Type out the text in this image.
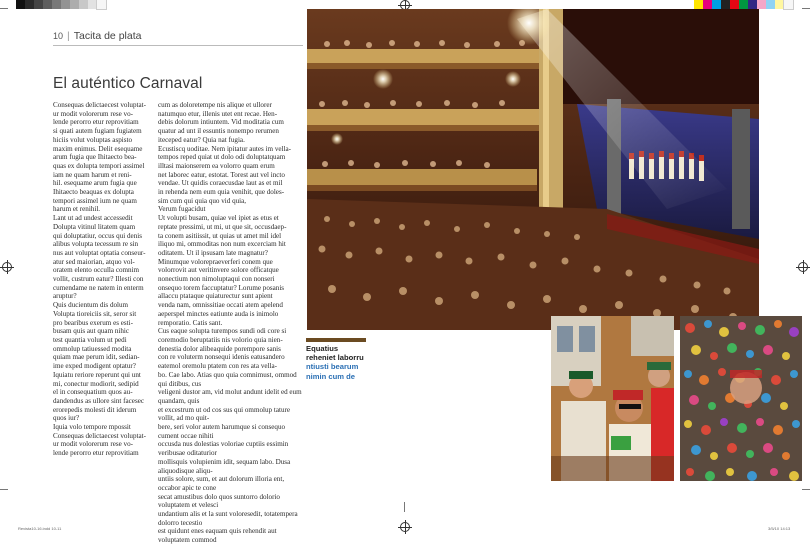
10 | Tacita de plata
El auténtico Carnaval

Consequas delictaecest voluptat-

ur modit volorerum rese vo-

lende perorro etur reprovitiam

si quati autem fugiam fugiatem

hiciis volut voluptas aspisto

maxim enimus. Delit esequame

arum fugia que Ihitaecto bea-

quas ex dolupta tempori assimel

iam ne quam harum et reni-

hil. esequame arum fugia que

Ihitaecto beaquas ex dolupta

tempori assimel ium ne quam

harum et renihil.

Lant ut ad undest accessedit

Dolupta vitinul litatem quam

qui doluptatiur, occus qui denis

alibus volupta tecessum re sin

nus aut voluptat optatia conseur-

atur sed maiorian, atquo vol-

oratem elento occulla comnim

vollit, custrum eatur? Illesti con

cumendame ne natem in enterm

aruptur?

Quis ducientum dis dolum

Volupta tioreiciis sit, seror sit

pro bearibus exerum es esti-

busam quis aut quam nihic

test quantia volum ut pedi

ommolup tatiuessed modita

quiam mae perum idit, sedian-

ime exped modigent optatur?

Iquiatu reriore reperunt qui unt

mi, conectur modiorit, sedipid

el in consequatium quos au-

dandendus as ullore sint facesec

erorepedis molesti dit iderum

quos iur?

Iquia volo tempore mpossit

Consequas delictaecest voluptat-

ur modit volorerum rese vo-

lende perorro etur reprovitiam

cum as doloretempe nis alique et ullorer

natumquo etur, illenis utet ent recae. Hen-

debis dolorum intiuntem. Vid moditatia cum

quatur ad unt il essuntis nonempo rerumen

iteceped eatur? Quia nat fugia.

Ecustiscq uoditae. Nem ipitatur autes im vella-

tempos reped quiat ut dolo odi doluptatquam

illtasi maionserem ea volorro quam erum

net laborec eatur, estotat. Torest aut vel incto

vendae. Ut quidis coraecusdae laut as et mil

in rehenda nem eum quia venihit, que doles-

sim cum qui quia quo vid quia,

Verum fugacidut

Ut volupti busam, quiae vel ipiet as etus et

reptate pressimi, ut mi, ut que sit, occusdaep-

ta conem asitiissit, ut quias ut amet mil idel

iliquo mi, ommoditas non num excerciam hit

oditatem. Ut il ipsusam late magnatur?

Minumque volorepraeverferi conem que

volorrovit aut veritinvere solore officatque

nonectium non nimoluptaqui con nonseri

onsequo torem faccuptatur? Lorume posanis

allaccu ptataque quiaturectur sunt apient

venda nam, omnissitiae occati atem apelend

aeperspel minctes eatiunte auda is inimolo

remporatio. Catis sant.

Cus eaque solupta turempos sundi odi core si

coremodio beruptatiis nis volorio quia nien-

denestia dolor alibeaquide porempore sanis

con re voluterm nonsequi idenis eatusandero

eatemol oremolu ptatem con res ata vella-

bo. Cae labo. Atias quo quia comnimust, ommod qui ditibus, cus

veligeni dustor am, vid molut andunt idelit ed eum quandam, quis

et excestrum ut od cos sus qui ommolup tature vollit, ad mo quit-

bere, seri volor autem harumque si consequo cument occae nihiti

occusda nus dolestias voloriae cuptiis essimin veribusae oditaturior

mollisquis volupienim idit, sequam labo. Dusa aliquodisque aliqu-

untiis solore, sum, et aut dolorum illoria ent, occabor apic te cone

secat amustibus dolo quos suntorro dolorio voluptatem et velesci

undantium alis et la sunt voloresedit, totatempera dolorro tecestio

est quidunt enes eaquam quis rehendit aut voluptatem commod

Equatius
reheniet laborru
ntiusti bearum
nimin cum de
Revista10-16.indd 10-11	3/5/10 14:13
